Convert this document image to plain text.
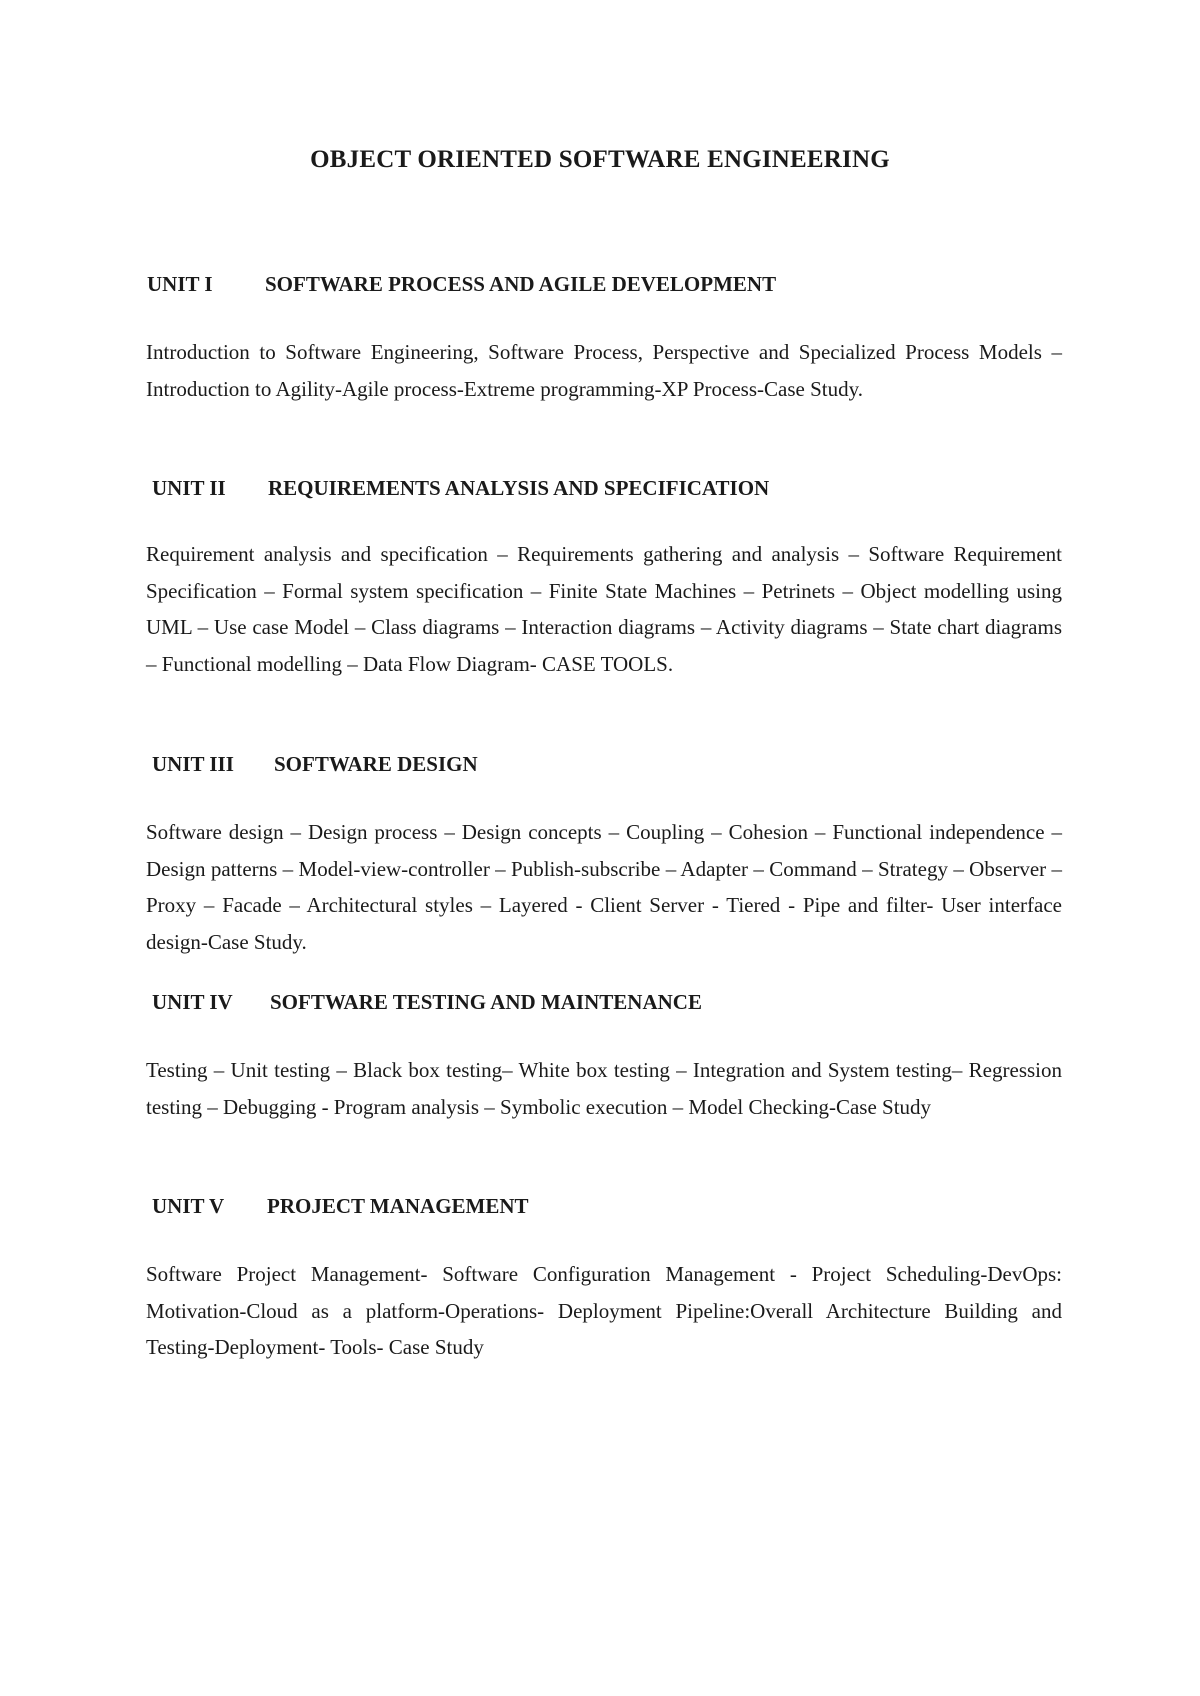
OBJECT ORIENTED SOFTWARE ENGINEERING
UNIT I SOFTWARE PROCESS AND AGILE DEVELOPMENT

Introduction to Software Engineering, Software Process, Perspective and Specialized Process Models –Introduction to Agility-Agile process-Extreme programming-XP Process-Case Study.

UNIT II REQUIREMENTS ANALYSIS AND SPECIFICATION

Requirement analysis and specification – Requirements gathering and analysis – Software Requirement Specification – Formal system specification – Finite State Machines – Petrinets – Object modelling using UML – Use case Model – Class diagrams – Interaction diagrams – Activity diagrams – State chart diagrams – Functional modelling – Data Flow Diagram- CASE TOOLS.

UNIT III SOFTWARE DESIGN

Software design – Design process – Design concepts – Coupling – Cohesion – Functional independence – Design patterns – Model-view-controller – Publish-subscribe – Adapter – Command – Strategy – Observer – Proxy – Facade – Architectural styles – Layered - Client Server - Tiered - Pipe and filter- User interface design-Case Study.

UNIT IV SOFTWARE TESTING AND MAINTENANCE

Testing – Unit testing – Black box testing– White box testing – Integration and System testing– Regression testing – Debugging - Program analysis – Symbolic execution – Model Checking-Case Study

UNIT V PROJECT MANAGEMENT

Software Project Management- Software Configuration Management - Project Scheduling-DevOps: Motivation-Cloud as a platform-Operations- Deployment Pipeline:Overall Architecture Building and Testing-Deployment- Tools- Case Study
